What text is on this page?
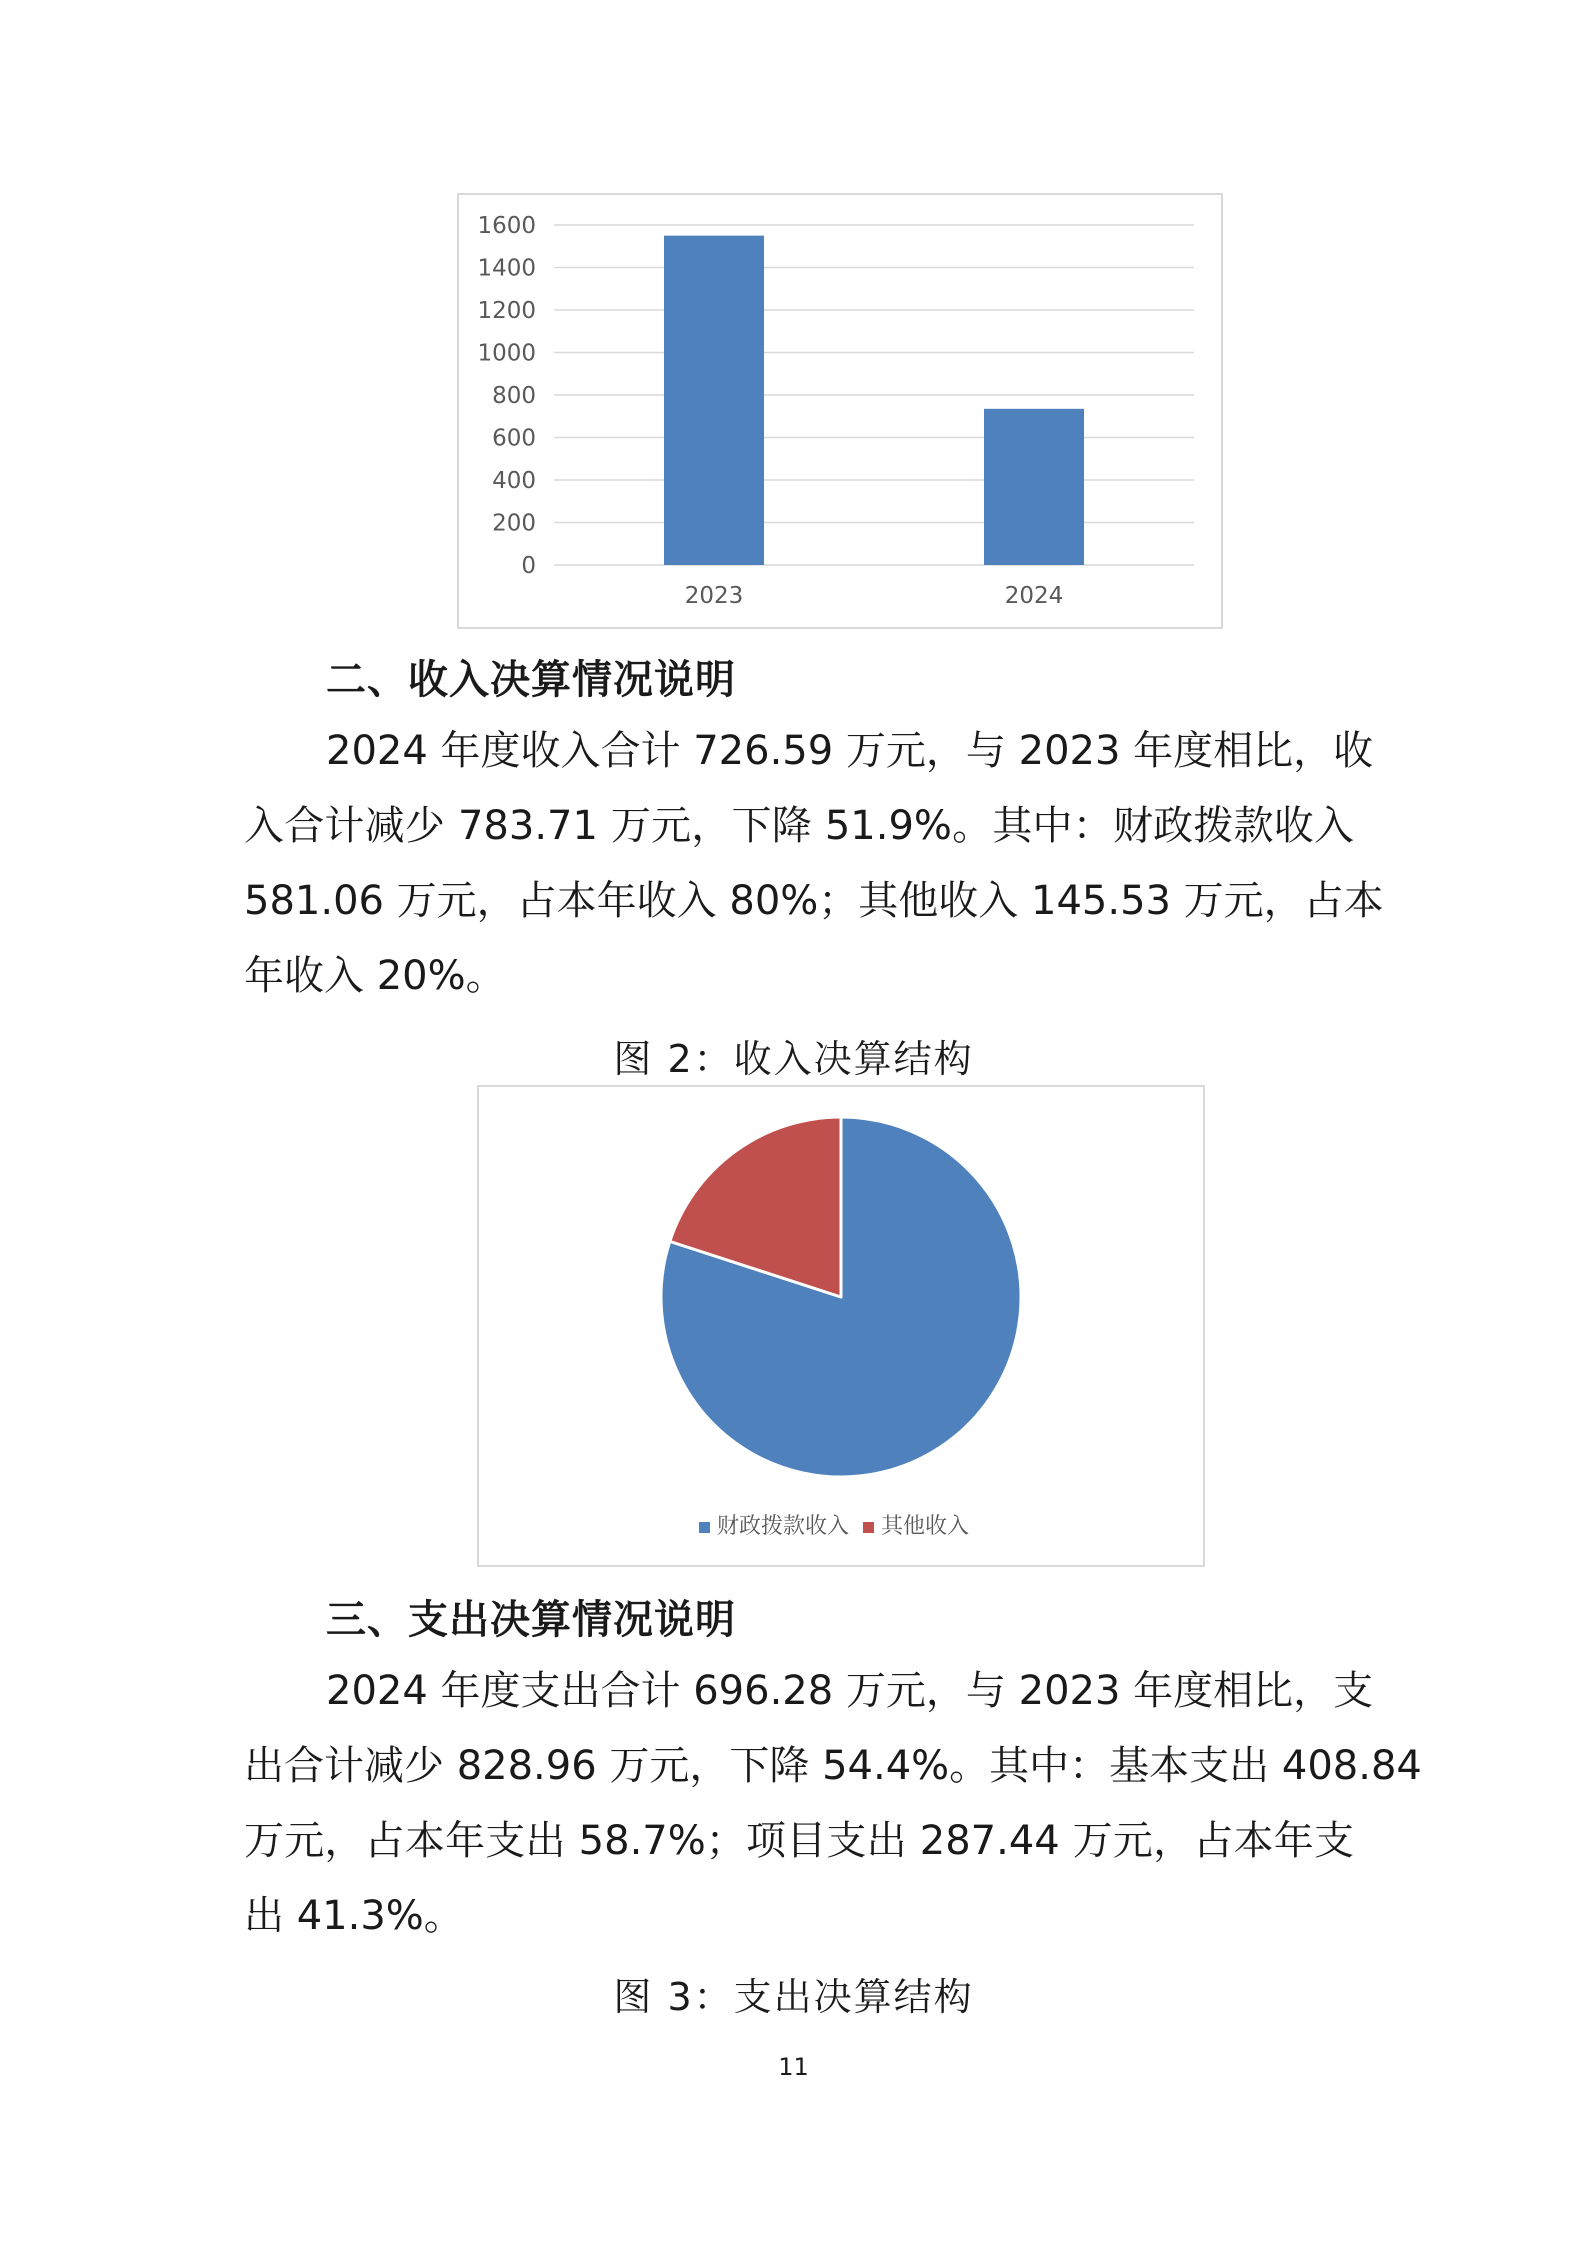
0
200
400
600
800
1000
1200
1400
1600
2023	2024
二、收入决算情况说明
2024 年度收入合计 726.59 万元，与 2023 年度相比，收
入合计减少 783.71 万元，下降 51.9%。其中：财政拨款收入
581.06 万元，占本年收入 80%；其他收入 145.53 万元，占本
年收入 20%。
图 2：收入决算结构
财政拨款收入 其他收入
三、支出决算情况说明
2024 年度支出合计 696.28 万元，与 2023 年度相比，支
出合计减少 828.96 万元，下降 54.4%。其中：基本支出 408.84
万元，占本年支出 58.7%；项目支出 287.44 万元，占本年支
出 41.3%。
图 3：支出决算结构
11
